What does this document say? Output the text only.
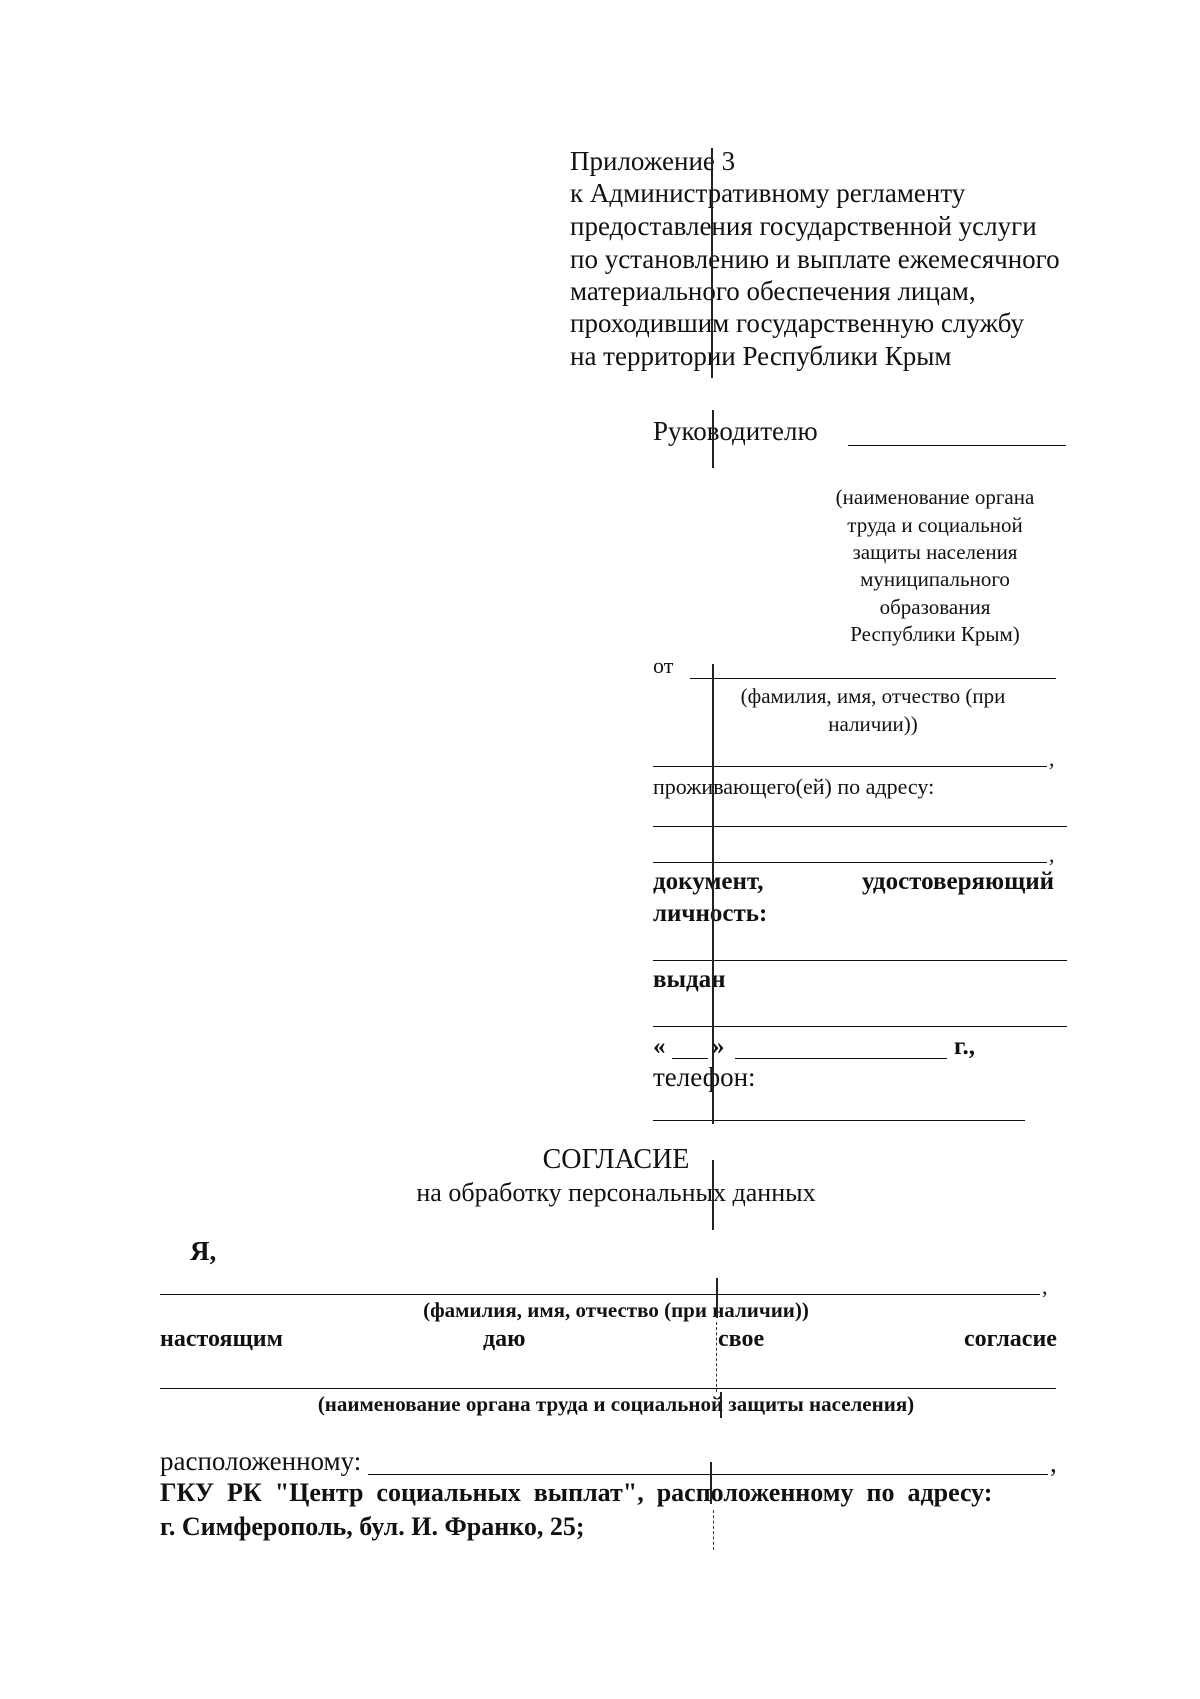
Приложение 3
к Административному регламенту
предоставления государственной услуги
по установлению и выплате ежемесячного
материального обеспечения лицам,
проходившим государственную службу
на территории Республики Крым
Руководителю
(наименование органа
труда и социальной
защиты населения
муниципального
образования
Республики Крым)
от
(фамилия, имя, отчество (при
наличии))
,
проживающего(ей) по адресу:
,
документ,	удостоверяющий
личность:
выдан
« »	г.,
телефон:
СОГЛАСИЕ
на обработку персональных данных
Я,
,
(фамилия, имя, отчество (при наличии))
настоящим	даю	свое	согласие
(наименование органа труда и социальной защиты населения)
расположенному:	,
ГКУ  РК  "Центр  социальных  выплат",  расположенному  по  адресу:
г. Симферополь, бул. И. Франко, 25;
